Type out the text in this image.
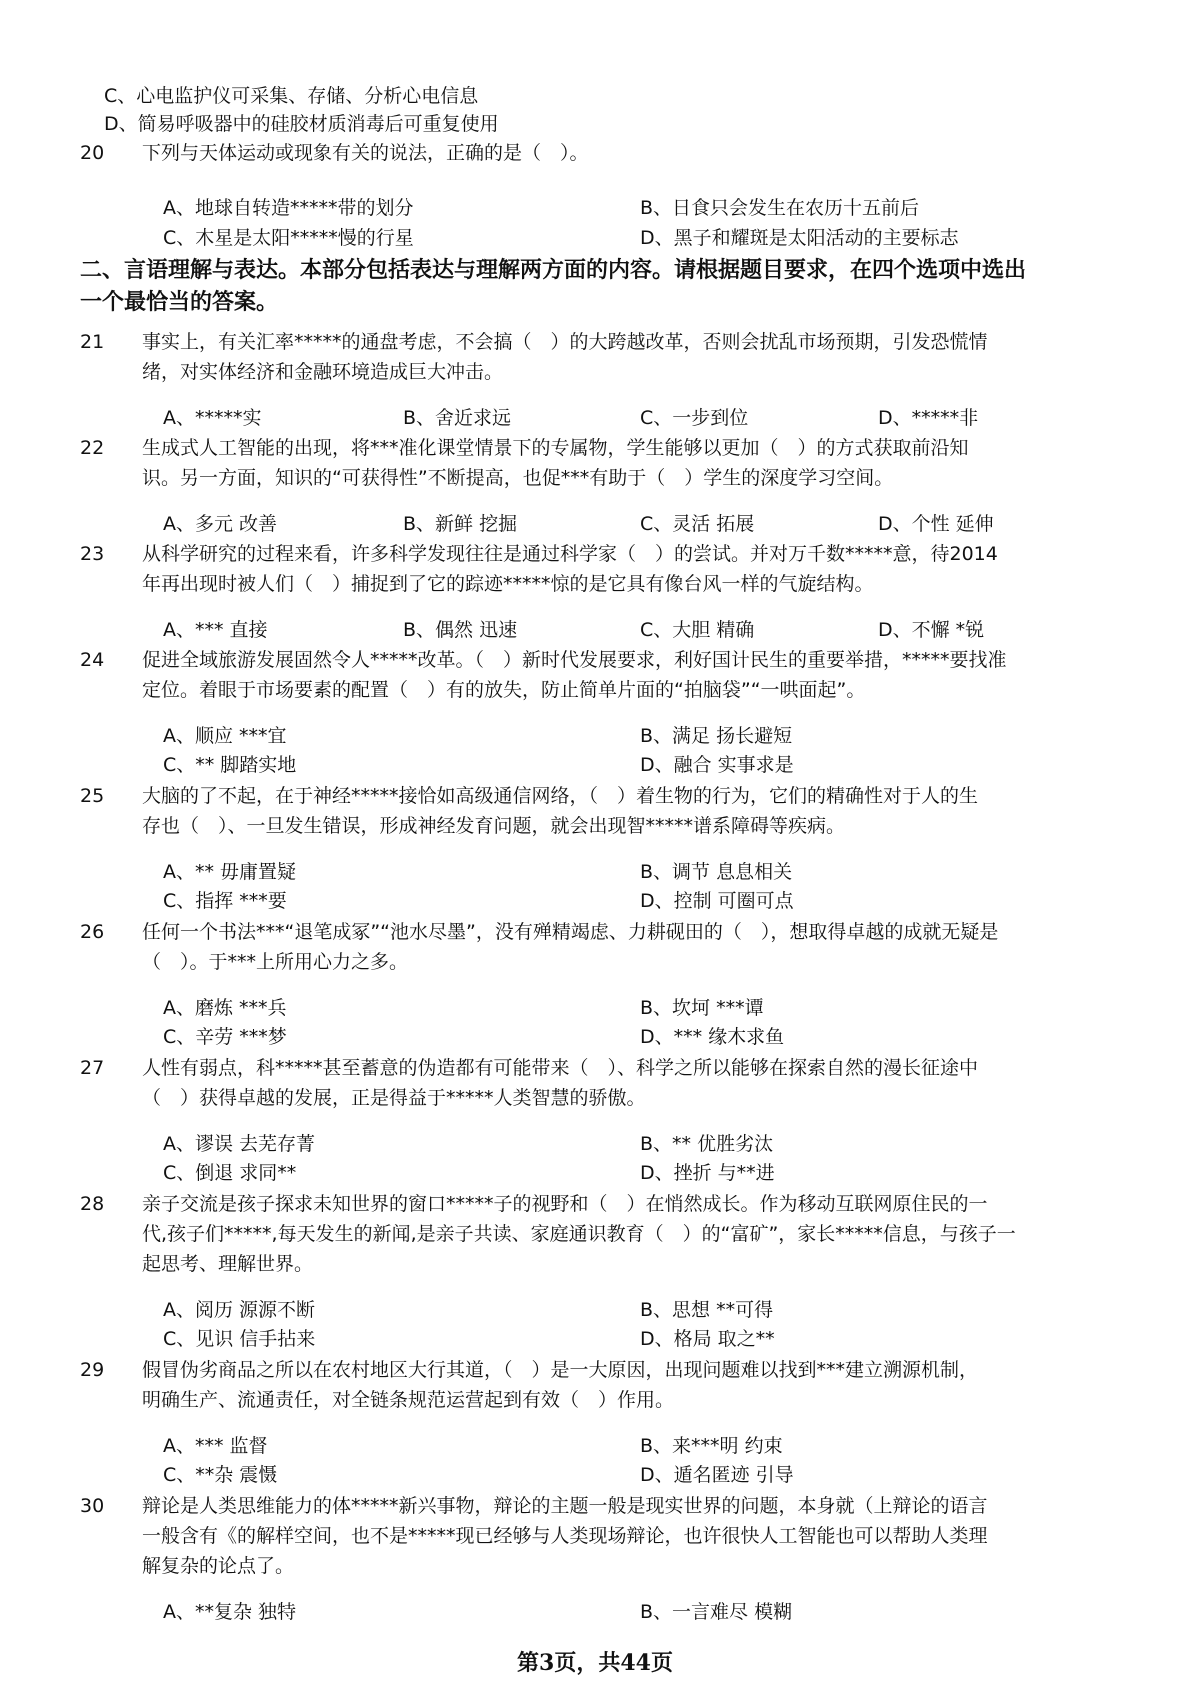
C、心电监护仪可采集、存储、分析心电信息
D、简易呼吸器中的硅胶材质消毒后可重复使用
20	下列与天体运动或现象有关的说法，正确的是（　）。
A、地球自转造*****带的划分	B、日食只会发生在农历十五前后
C、木星是太阳*****慢的行星	D、黑子和耀斑是太阳活动的主要标志
二、言语理解与表达。本部分包括表达与理解两方面的内容。请根据题目要求，在四个选项中选出
一个最恰当的答案。
21	事实上，有关汇率*****的通盘考虑，不会搞（　）的大跨越改革，否则会扰乱市场预期，引发恐慌情
绪，对实体经济和金融环境造成巨大冲击。
A、*****实	B、舍近求远	C、一步到位	D、*****非
22	生成式人工智能的出现，将***准化课堂情景下的专属物，学生能够以更加（　）的方式获取前沿知
识。另一方面，知识的“可获得性”不断提高，也促***有助于（　）学生的深度学习空间。
A、多元 改善	B、新鲜 挖掘	C、灵活 拓展	D、个性 延伸
23	从科学研究的过程来看，许多科学发现往往是通过科学家（　）的尝试。并对万千数*****意，待2014
年再出现时被人们（　）捕捉到了它的踪迹*****惊的是它具有像台风一样的气旋结构。
A、*** 直接	B、偶然 迅速	C、大胆 精确	D、不懈 *锐
24	促进全域旅游发展固然令人*****改革。（　）新时代发展要求，利好国计民生的重要举措，*****要找准
定位。着眼于市场要素的配置（　）有的放失，防止简单片面的“拍脑袋”“一哄面起”。
A、顺应 ***宜	B、满足 扬长避短
C、** 脚踏实地	D、融合 实事求是
25	大脑的了不起，在于神经*****接恰如高级通信网络，（　）着生物的行为，它们的精确性对于人的生
存也（　）、一旦发生错误，形成神经发育问题，就会出现智*****谱系障碍等疾病。
A、** 毋庸置疑	B、调节 息息相关
C、指挥 ***要	D、控制 可圈可点
26	任何一个书法***“退笔成冢”“池水尽墨”，没有殚精竭虑、力耕砚田的（　），想取得卓越的成就无疑是
（　）。于***上所用心力之多。
A、磨炼 ***兵	B、坎坷 ***谭
C、辛劳 ***梦	D、*** 缘木求鱼
27	人性有弱点，科*****甚至蓄意的伪造都有可能带来（　）、科学之所以能够在探索自然的漫长征途中
（　）获得卓越的发展，正是得益于*****人类智慧的骄傲。
A、谬误 去芜存菁	B、** 优胜劣汰
C、倒退 求同**	D、挫折 与**进
28	亲子交流是孩子探求未知世界的窗口*****子的视野和（　）在悄然成长。作为移动互联网原住民的一
代,孩子们*****,每天发生的新闻,是亲子共读、家庭通识教育（　）的“富矿”，家长*****信息，与孩子一
起思考、理解世界。
A、阅历 源源不断	B、思想 **可得
C、见识 信手拈来	D、格局 取之**
29	假冒伪劣商品之所以在农村地区大行其道，（　）是一大原因，出现问题难以找到***建立溯源机制，
明确生产、流通责任，对全链条规范运营起到有效（　）作用。
A、*** 监督	B、来***明 约束
C、**杂 震慑	D、遁名匿迹 引导
30	辩论是人类思维能力的体*****新兴事物，辩论的主题一般是现实世界的问题，本身就（上辩论的语言
一般含有《的解样空间，也不是*****现已经够与人类现场辩论，也许很快人工智能也可以帮助人类理
解复杂的论点了。
A、**复杂 独特	B、一言难尽 模糊
第3页，共44页
